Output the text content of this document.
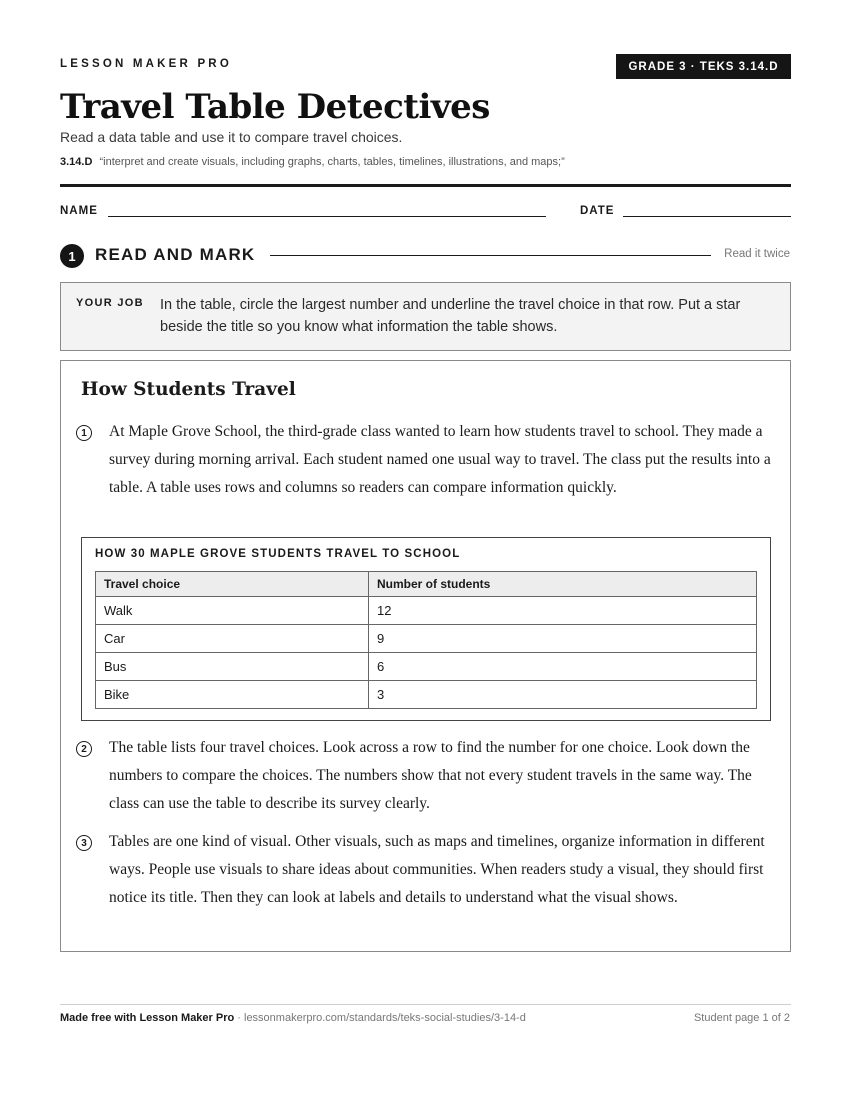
LESSON MAKER PRO	GRADE 3 · TEKS 3.14.D
Travel Table Detectives
Read a data table and use it to compare travel choices.
3.14.D “interpret and create visuals, including graphs, charts, tables, timelines, illustrations, and maps;”
NAME	DATE
1	READ AND MARK	Read it twice
YOUR JOB In the table, circle the largest number and underline the travel choice in that row. Put a star beside the title so you know what information the table shows.
How Students Travel
1	At Maple Grove School, the third-grade class wanted to learn how students travel to school. They made a survey during morning arrival. Each student named one usual way to travel. The class put the results into a table. A table uses rows and columns so readers can compare information quickly.
HOW 30 MAPLE GROVE STUDENTS TRAVEL TO SCHOOL
Travel choice	Number of students
Walk	12
Car	9
Bus	6
Bike	3
2	The table lists four travel choices. Look across a row to find the number for one choice. Look down the numbers to compare the choices. The numbers show that not every student travels in the same way. The class can use the table to describe its survey clearly.
3	Tables are one kind of visual. Other visuals, such as maps and timelines, organize information in different ways. People use visuals to share ideas about communities. When readers study a visual, they should first notice its title. Then they can look at labels and details to understand what the visual shows.
Made free with Lesson Maker Pro · lessonmakerpro.com/standards/teks-social-studies/3-14-d	Student page 1 of 2
